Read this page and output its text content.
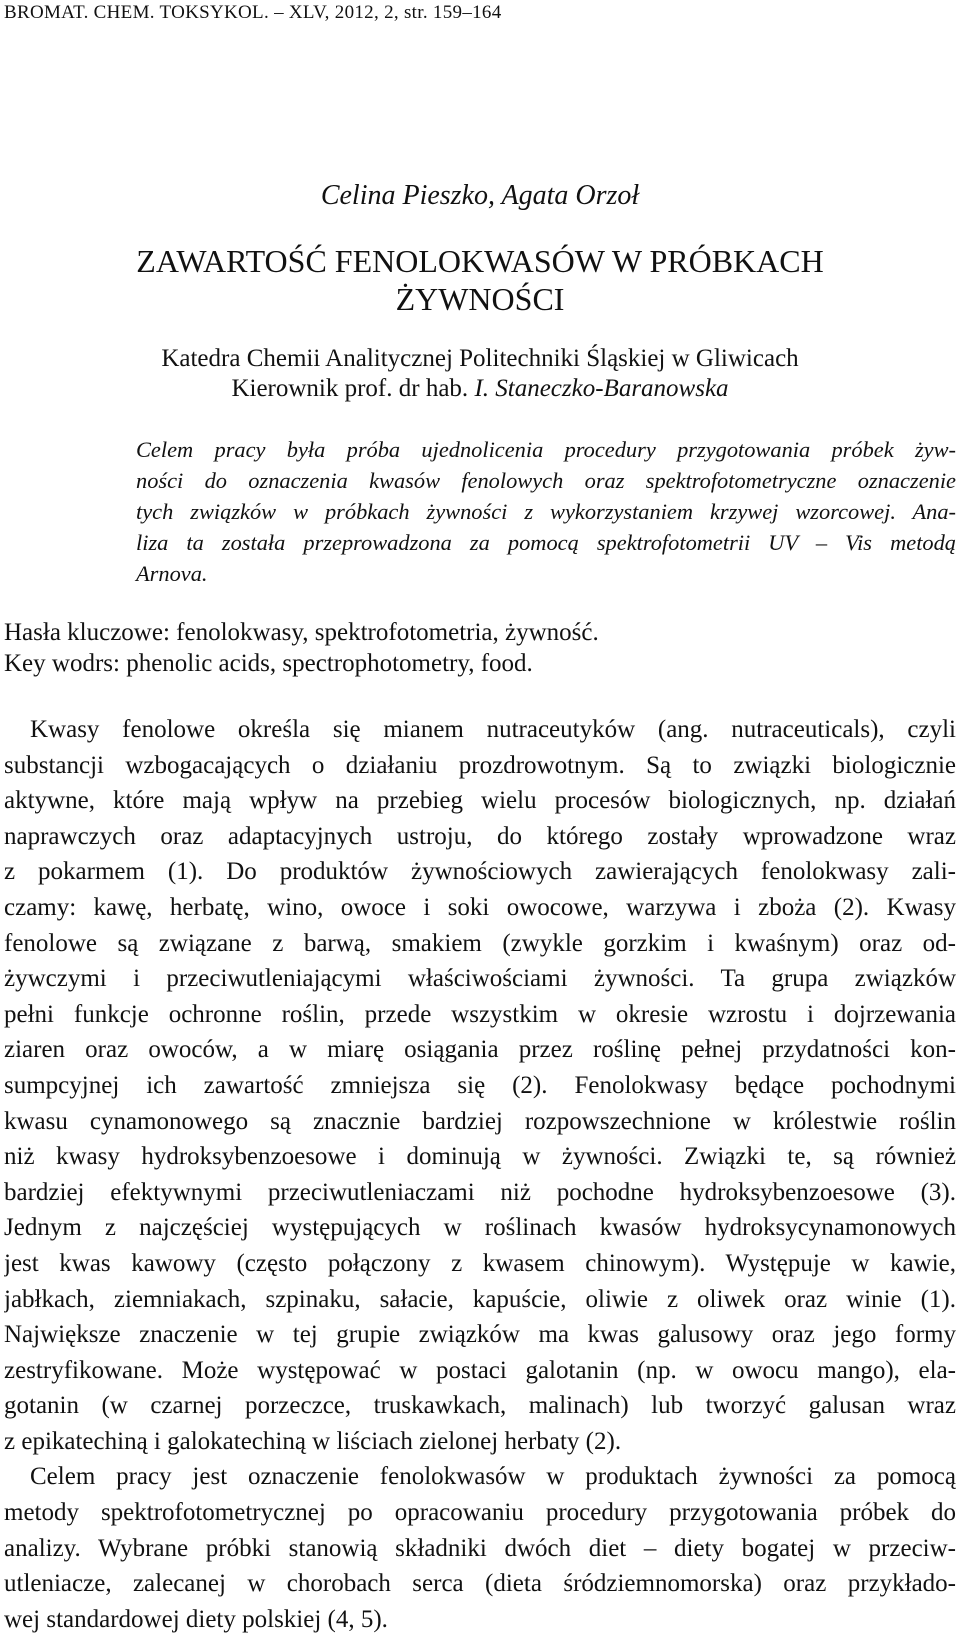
BROMAT. CHEM. TOKSYKOL. – XLV, 2012, 2, str. 159–164
Celina Pieszko, Agata Orzoł
ZAWARTOŚĆ FENOLOKWASÓW W PRÓBKACH
ŻYWNOŚCI
Katedra Chemii Analitycznej Politechniki Śląskiej w Gliwicach
Kierownik prof. dr hab. I. Staneczko-Baranowska
Celem pracy była próba ujednolicenia procedury przygotowania próbek żyw-
ności do oznaczenia kwasów fenolowych oraz spektrofotometryczne oznaczenie
tych związków w próbkach żywności z wykorzystaniem krzywej wzorcowej. Ana-
liza ta została przeprowadzona za pomocą spektrofotometrii UV – Vis metodą
Arnova.
Hasła kluczowe: fenolokwasy, spektrofotometria, żywność.
Key wodrs: phenolic acids, spectrophotometry, food.
Kwasy fenolowe określa się mianem nutraceutyków (ang. nutraceuticals), czyli
substancji wzbogacających o działaniu prozdrowotnym. Są to związki biologicznie
aktywne, które mają wpływ na przebieg wielu procesów biologicznych, np. działań
naprawczych oraz adaptacyjnych ustroju, do którego zostały wprowadzone wraz
z pokarmem (1). Do produktów żywnościowych zawierających fenolokwasy zali-
czamy: kawę, herbatę, wino, owoce i soki owocowe, warzywa i zboża (2). Kwasy
fenolowe są związane z barwą, smakiem (zwykle gorzkim i kwaśnym) oraz od-
żywczymi i przeciwutleniającymi właściwościami żywności. Ta grupa związków
pełni funkcje ochronne roślin, przede wszystkim w okresie wzrostu i dojrzewania
ziaren oraz owoców, a w miarę osiągania przez roślinę pełnej przydatności kon-
sumpcyjnej ich zawartość zmniejsza się (2). Fenolokwasy będące pochodnymi
kwasu cynamonowego są znacznie bardziej rozpowszechnione w królestwie roślin
niż kwasy hydroksybenzoesowe i dominują w żywności. Związki te, są również
bardziej efektywnymi przeciwutleniaczami niż pochodne hydroksybenzoesowe (3).
Jednym z najczęściej występujących w roślinach kwasów hydroksycynamonowych
jest kwas kawowy (często połączony z kwasem chinowym). Występuje w kawie,
jabłkach, ziemniakach, szpinaku, sałacie, kapuście, oliwie z oliwek oraz winie (1).
Największe znaczenie w tej grupie związków ma kwas galusowy oraz jego formy
zestryfikowane. Może występować w postaci galotanin (np. w owocu mango), ela-
gotanin (w czarnej porzeczce, truskawkach, malinach) lub tworzyć galusan wraz
z epikatechiną i galokatechiną w liściach zielonej herbaty (2).
Celem pracy jest oznaczenie fenolokwasów w produktach żywności za pomocą
metody spektrofotometrycznej po opracowaniu procedury przygotowania próbek do
analizy. Wybrane próbki stanowią składniki dwóch diet – diety bogatej w przeciw-
utleniacze, zalecanej w chorobach serca (dieta śródziemnomorska) oraz przykłado-
wej standardowej diety polskiej (4, 5).
